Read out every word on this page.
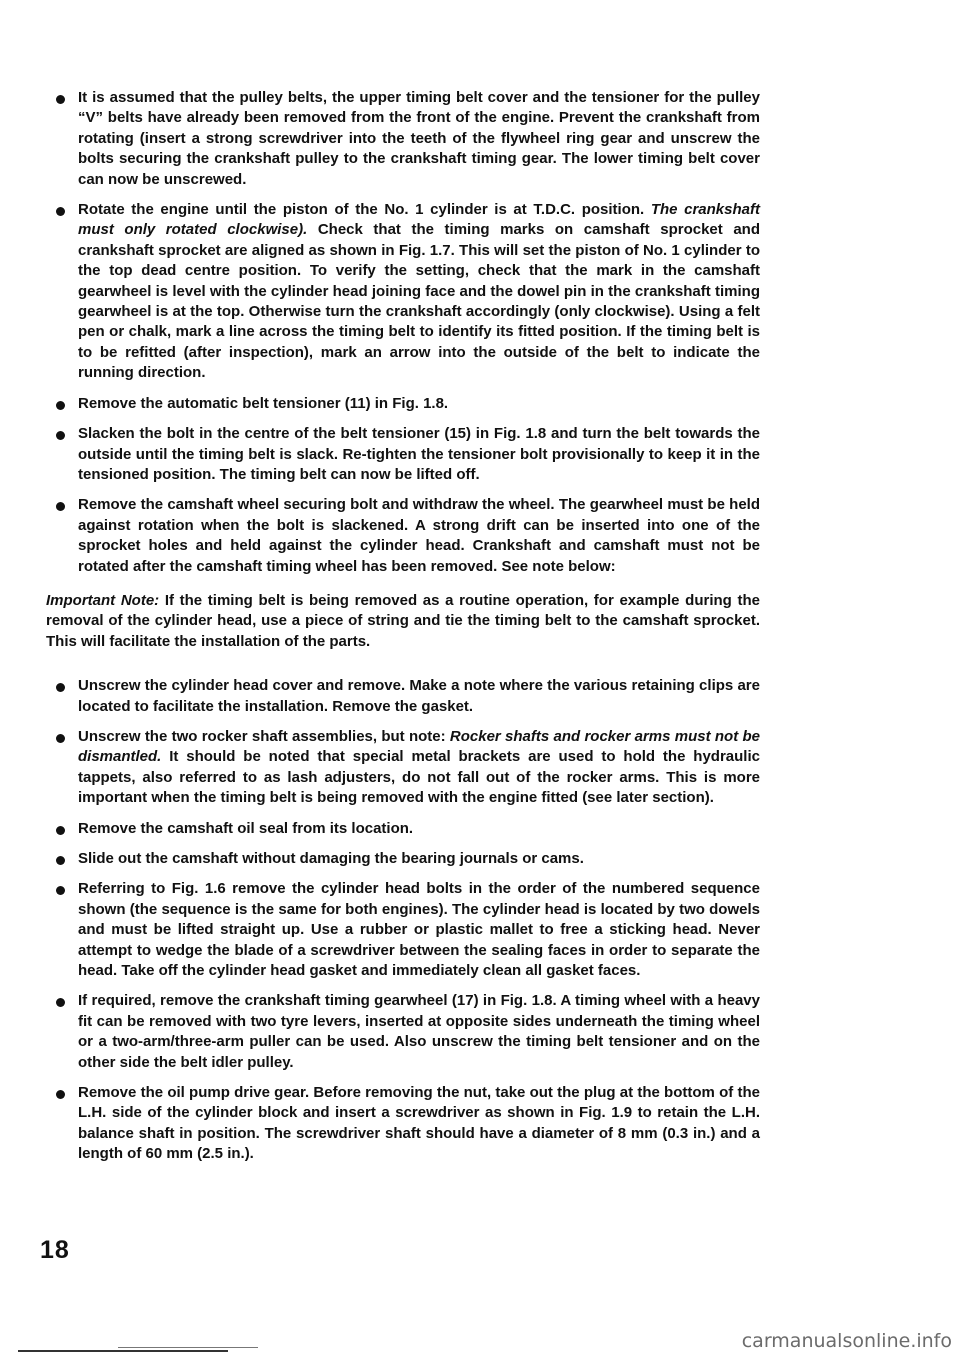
It is assumed that the pulley belts, the upper timing belt cover and the tensioner for the pulley “V” belts have already been removed from the front of the engine. Prevent the crankshaft from rotating (insert a strong screwdriver into the teeth of the flywheel ring gear and unscrew the bolts securing the crankshaft pulley to the crankshaft timing gear. The lower timing belt cover can now be unscrewed.
Rotate the engine until the piston of the No. 1 cylinder is at T.D.C. position. The crankshaft must only rotated clockwise). Check that the timing marks on camshaft sprocket and crankshaft sprocket are aligned as shown in Fig. 1.7. This will set the piston of No. 1 cylinder to the top dead centre position. To verify the setting, check that the mark in the camshaft gearwheel is level with the cylinder head joining face and the dowel pin in the crankshaft timing gearwheel is at the top. Otherwise turn the crankshaft accordingly (only clockwise). Using a felt pen or chalk, mark a line across the timing belt to identify its fitted position. If the timing belt is to be refitted (after inspection), mark an arrow into the outside of the belt to indicate the running direction.
Remove the automatic belt tensioner (11) in Fig. 1.8.
Slacken the bolt in the centre of the belt tensioner (15) in Fig. 1.8 and turn the belt towards the outside until the timing belt is slack. Re-tighten the tensioner bolt provisionally to keep it in the tensioned position. The timing belt can now be lifted off.
Remove the camshaft wheel securing bolt and withdraw the wheel. The gearwheel must be held against rotation when the bolt is slackened. A strong drift can be inserted into one of the sprocket holes and held against the cylinder head. Crankshaft and camshaft must not be rotated after the camshaft timing wheel has been removed. See note below:

Important Note: If the timing belt is being removed as a routine operation, for example during the removal of the cylinder head, use a piece of string and tie the timing belt to the camshaft sprocket. This will facilitate the installation of the parts.

Unscrew the cylinder head cover and remove. Make a note where the various retaining clips are located to facilitate the installation. Remove the gasket.
Unscrew the two rocker shaft assemblies, but note: Rocker shafts and rocker arms must not be dismantled. It should be noted that special metal brackets are used to hold the hydraulic tappets, also referred to as lash adjusters, do not fall out of the rocker arms. This is more important when the timing belt is being removed with the engine fitted (see later section).
Remove the camshaft oil seal from its location.
Slide out the camshaft without damaging the bearing journals or cams.
Referring to Fig. 1.6 remove the cylinder head bolts in the order of the numbered sequence shown (the sequence is the same for both engines). The cylinder head is located by two dowels and must be lifted straight up. Use a rubber or plastic mallet to free a sticking head. Never attempt to wedge the blade of a screwdriver between the sealing faces in order to separate the head. Take off the cylinder head gasket and immediately clean all gasket faces.
If required, remove the crankshaft timing gearwheel (17) in Fig. 1.8. A timing wheel with a heavy fit can be removed with two tyre levers, inserted at opposite sides underneath the timing wheel or a two-arm/three-arm puller can be used. Also unscrew the timing belt tensioner and on the other side the belt idler pulley.
Remove the oil pump drive gear. Before removing the nut, take out the plug at the bottom of the L.H. side of the cylinder block and insert a screwdriver as shown in Fig. 1.9 to retain the L.H. balance shaft in position. The screwdriver shaft should have a diameter of 8 mm (0.3 in.) and a length of 60 mm (2.5 in.).
18
carmanualsonline.info
